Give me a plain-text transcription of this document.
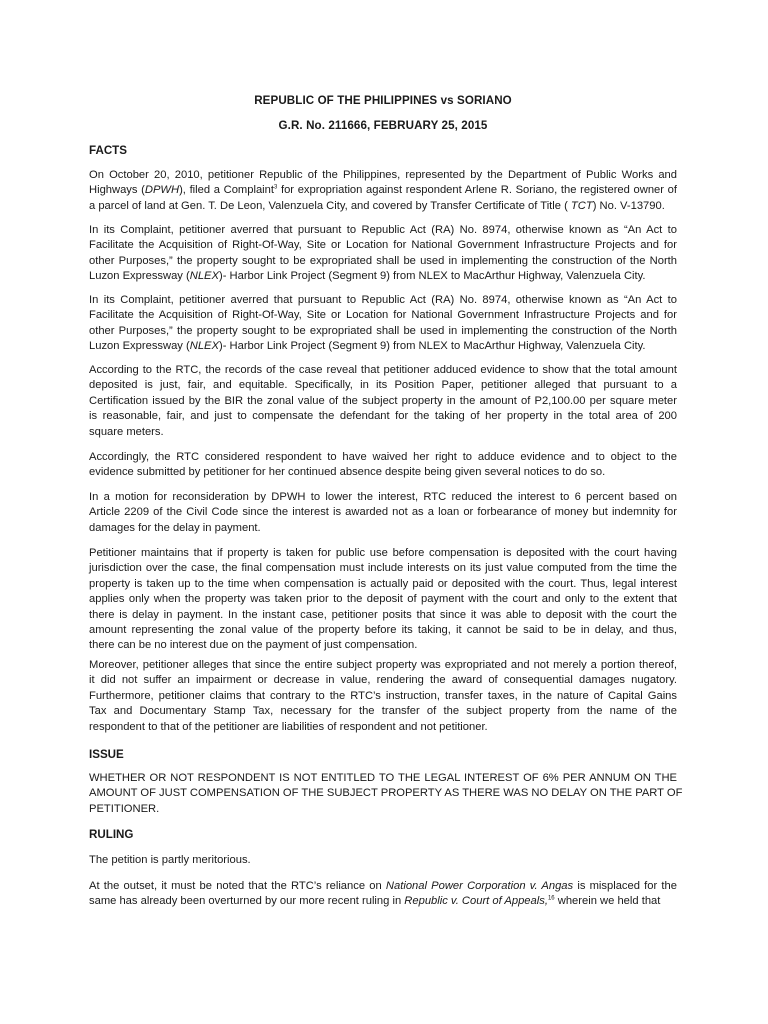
REPUBLIC OF THE PHILIPPINES vs SORIANO
G.R. No. 211666, FEBRUARY 25, 2015
FACTS
On October 20, 2010, petitioner Republic of the Philippines, represented by the Department of Public Works and
Highways (DPWH), filed a Complaint$^3$ for expropriation against respondent Arlene R. Soriano, the registered owner of
a parcel of land at Gen. T. De Leon, Valenzuela City, and covered by Transfer Certificate of Title ( TCT) No. V-13790.
In its Complaint, petitioner averred that pursuant to Republic Act (RA) No. 8974, otherwise known as “An Act to
Facilitate the Acquisition of Right-Of-Way, Site or Location for National Government Infrastructure Projects and for
other Purposes,” the property sought to be expropriated shall be used in implementing the construction of the North
Luzon Expressway (NLEX)- Harbor Link Project (Segment 9) from NLEX to MacArthur Highway, Valenzuela City.
In its Complaint, petitioner averred that pursuant to Republic Act (RA) No. 8974, otherwise known as “An Act to
Facilitate the Acquisition of Right-Of-Way, Site or Location for National Government Infrastructure Projects and for
other Purposes,” the property sought to be expropriated shall be used in implementing the construction of the North
Luzon Expressway (NLEX)- Harbor Link Project (Segment 9) from NLEX to MacArthur Highway, Valenzuela City.
According to the RTC, the records of the case reveal that petitioner adduced evidence to show that the total amount
deposited is just, fair, and equitable. Specifically, in its Position Paper, petitioner alleged that pursuant to a
Certification issued by the BIR the zonal value of the subject property in the amount of P2,100.00 per square meter
is reasonable, fair, and just to compensate the defendant for the taking of her property in the total area of 200
square meters.
Accordingly, the RTC considered respondent to have waived her right to adduce evidence and to object to the
evidence submitted by petitioner for her continued absence despite being given several notices to do so.
In a motion for reconsideration by DPWH to lower the interest, RTC reduced the interest to 6 percent based on
Article 2209 of the Civil Code since the interest is awarded not as a loan or forbearance of money but indemnity for
damages for the delay in payment.
Petitioner maintains that if property is taken for public use before compensation is deposited with the court having
jurisdiction over the case, the final compensation must include interests on its just value computed from the time the
property is taken up to the time when compensation is actually paid or deposited with the court. Thus, legal interest
applies only when the property was taken prior to the deposit of payment with the court and only to the extent that
there is delay in payment. In the instant case, petitioner posits that since it was able to deposit with the court the
amount representing the zonal value of the property before its taking, it cannot be said to be in delay, and thus,
there can be no interest due on the payment of just compensation.
Moreover, petitioner alleges that since the entire subject property was expropriated and not merely a portion thereof,
it did not suffer an impairment or decrease in value, rendering the award of consequential damages nugatory.
Furthermore, petitioner claims that contrary to the RTC’s instruction, transfer taxes, in the nature of Capital Gains
Tax and Documentary Stamp Tax, necessary for the transfer of the subject property from the name of the
respondent to that of the petitioner are liabilities of respondent and not petitioner.
ISSUE
WHETHER OR NOT RESPONDENT IS NOT ENTITLED TO THE LEGAL INTEREST OF 6% PER ANNUM ON THE
AMOUNT OF JUST COMPENSATION OF THE SUBJECT PROPERTY AS THERE WAS NO DELAY ON THE PART OF
PETITIONER.
RULING
The petition is partly meritorious.
At the outset, it must be noted that the RTC’s reliance on National Power Corporation v. Angas is misplaced for the
same has already been overturned by our more recent ruling in Republic v. Court of Appeals,$^{16}$ wherein we held that
